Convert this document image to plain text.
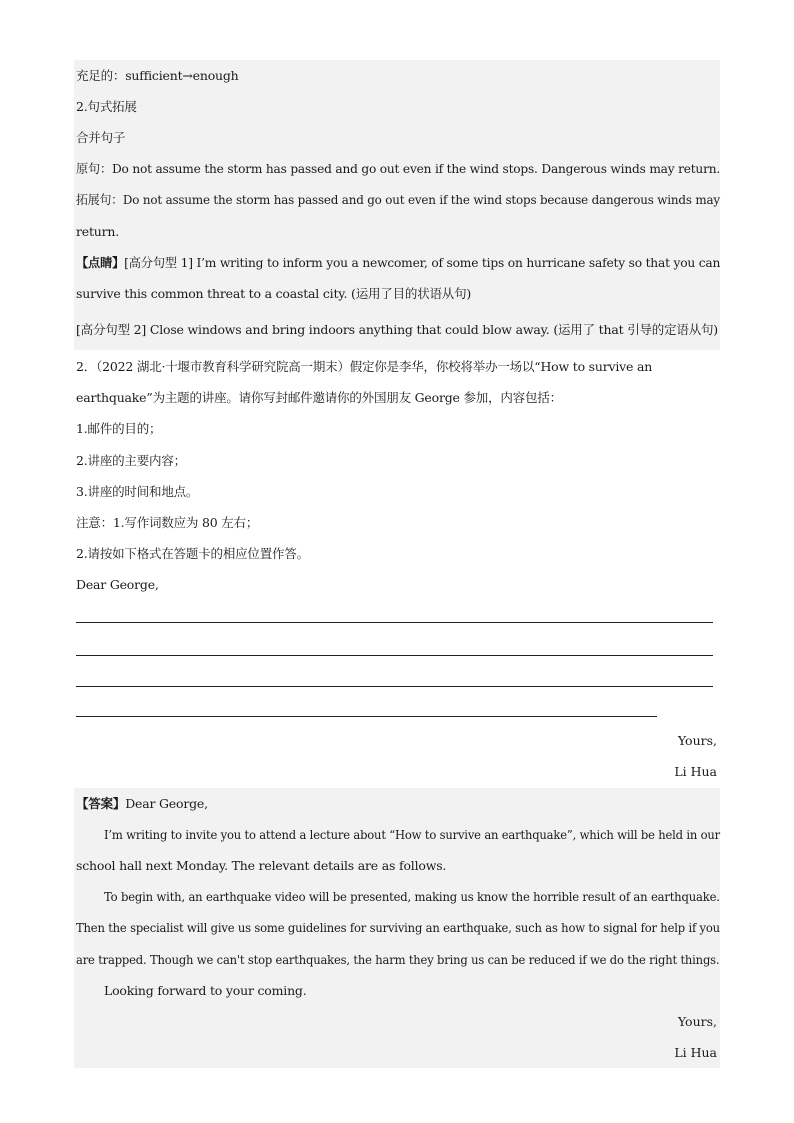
充足的：sufficient→enough
2.句式拓展
合并句子
原句：Do not assume the storm has passed and go out even if the wind stops. Dangerous winds may return.
拓展句：Do not assume the storm has passed and go out even if the wind stops because dangerous winds may
return.
【点睛】[高分句型 1] I’m writing to inform you a newcomer, of some tips on hurricane safety so that you can
survive this common threat to a coastal city. (运用了目的状语从句)
[高分句型 2] Close windows and bring indoors anything that could blow away. (运用了 that 引导的定语从句)
2．（2022 湖北·十堰市教育科学研究院高一期末）假定你是李华，你校将举办一场以“How to survive an
earthquake”为主题的讲座。请你写封邮件邀请你的外国朋友 George 参加，内容包括：
1.邮件的目的；
2.讲座的主要内容；
3.讲座的时间和地点。
注意：1.写作词数应为 80 左右；
2.请按如下格式在答题卡的相应位置作答。
Dear George,
Yours,
Li Hua
【答案】Dear George,
I’m writing to invite you to attend a lecture about “How to survive an earthquake”, which will be held in our
school hall next Monday. The relevant details are as follows.
To begin with, an earthquake video will be presented, making us know the horrible result of an earthquake.
Then the specialist will give us some guidelines for surviving an earthquake, such as how to signal for help if you
are trapped. Though we can't stop earthquakes, the harm they bring us can be reduced if we do the right things.
Looking forward to your coming.
Yours,
Li Hua
